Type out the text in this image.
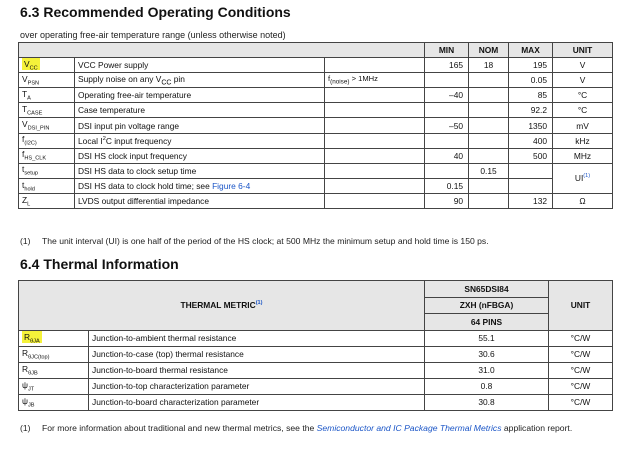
6.3 Recommended Operating Conditions
over operating free-air temperature range (unless otherwise noted)
			MIN	NOM	MAX	UNIT
$V_{CC}$	VCC Power supply		165	18	195	V
$V_{PSN}$	Supply noise on any $V_{CC}$ pin	$f_{(noise)} > 1MHz$			0.05	V
$T_A$	Operating free-air temperature		–40		85	°C
$T_{CASE}$	Case temperature				92.2	°C
$V_{DSI\_PIN}$	DSI input pin voltage range		–50		1350	mV
$f_{(I2C)}$	Local $I^2C$ input frequency				400	kHz
$f_{HS\_CLK}$	DSI HS clock input frequency		40		500	MHz
$t_{setup}$	DSI HS data to clock setup time			0.15		UI$^{(1)}$
$t_{hold}$	DSI HS data to clock hold time; see Figure 6-4		0.15			
$Z_L$	LVDS output differential impedance		90		132	Ω
(1) The unit interval (UI) is one half of the period of the HS clock; at 500 MHz the minimum setup and hold time is 150 ps.
6.4 Thermal Information
THERMAL METRIC$^{(1)}$		SN65DSI84	UNIT
		ZXH (nFBGA)	
		64 PINS	
$R_{\theta JA}$	Junction-to-ambient thermal resistance	55.1	°C/W
$R_{\theta JC(top)}$	Junction-to-case (top) thermal resistance	30.6	°C/W
$R_{\theta JB}$	Junction-to-board thermal resistance	31.0	°C/W
$\psi_{JT}$	Junction-to-top characterization parameter	0.8	°C/W
$\psi_{JB}$	Junction-to-board characterization parameter	30.8	°C/W
(1) For more information about traditional and new thermal metrics, see the Semiconductor and IC Package Thermal Metrics application report.
